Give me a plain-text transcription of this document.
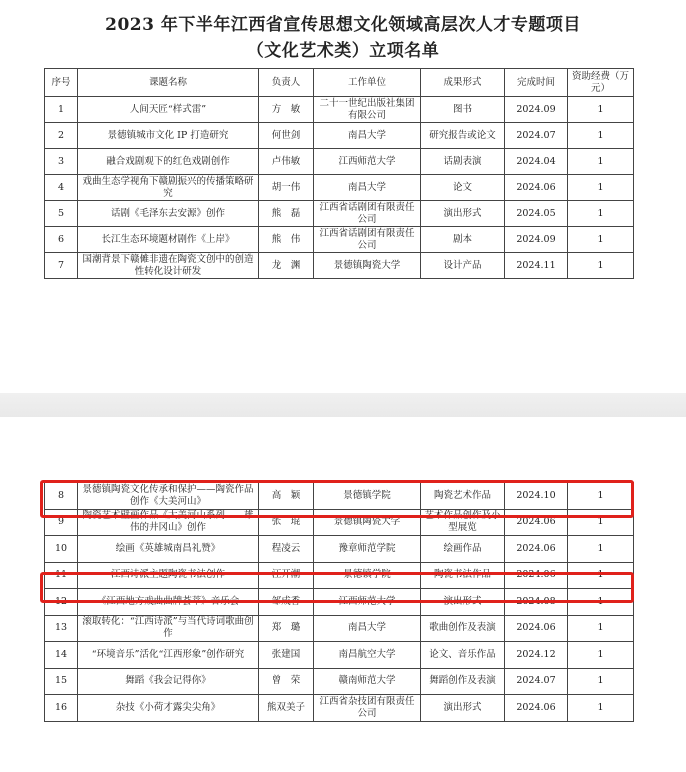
2023 年下半年江西省宣传思想文化领域高层次人才专题项目
（文化艺术类）立项名单
序号	课题名称	负责人	工作单位	成果形式	完成时间	资助经费（万元）
1	人间天匠“样式雷”	方　敏	二十一世纪出版社集团有限公司	图书	2024.09	1
2	景德镇城市文化 IP 打造研究	何世剑	南昌大学	研究报告或论文	2024.07	1
3	融合戏剧观下的红色戏剧创作	卢伟敏	江西师范大学	话剧表演	2024.04	1
4	戏曲生态学视角下赣剧振兴的传播策略研究	胡一伟	南昌大学	论文	2024.06	1
5	话剧《毛泽东去安源》创作	熊　磊	江西省话剧团有限责任公司	演出形式	2024.05	1
6	长江生态环境题材剧作《上岸》	熊　伟	江西省话剧团有限责任公司	剧本	2024.09	1
7	国潮背景下赣傩非遗在陶瓷文创中的创造性转化设计研发	龙　渊	景德镇陶瓷大学	设计产品	2024.11	1
8	景德镇陶瓷文化传承和保护——陶瓷作品创作《大美河山》	高　颖	景德镇学院	陶瓷艺术作品	2024.10	1
9	陶瓷艺术壁画作品《大美河山系列——雄伟的井冈山》创作	张　琨	景德镇陶瓷大学	艺术作品创作及小型展览	2024.06	1
10	绘画《英雄城南昌礼赞》	程凌云	豫章师范学院	绘画作品	2024.06	1
11	江西诗派主题陶瓷书法创作	汪开潮	景德镇学院	陶瓷书法作品	2024.06	1
12	《江西地方戏曲曲牌荟萃》音乐会	邹成香	江西师范大学	演出形式	2024.08	1
13	滚取转化：“江西诗派”与当代诗词歌曲创作	郑　璐	南昌大学	歌曲创作及表演	2024.06	1
14	“环境音乐”活化“江西形象”创作研究	张建国	南昌航空大学	论文、音乐作品	2024.12	1
15	舞蹈《我会记得你》	曾　荣	赣南师范大学	舞蹈创作及表演	2024.07	1
16	杂技《小荷才露尖尖角》	熊双美子	江西省杂技团有限责任公司	演出形式	2024.06	1
